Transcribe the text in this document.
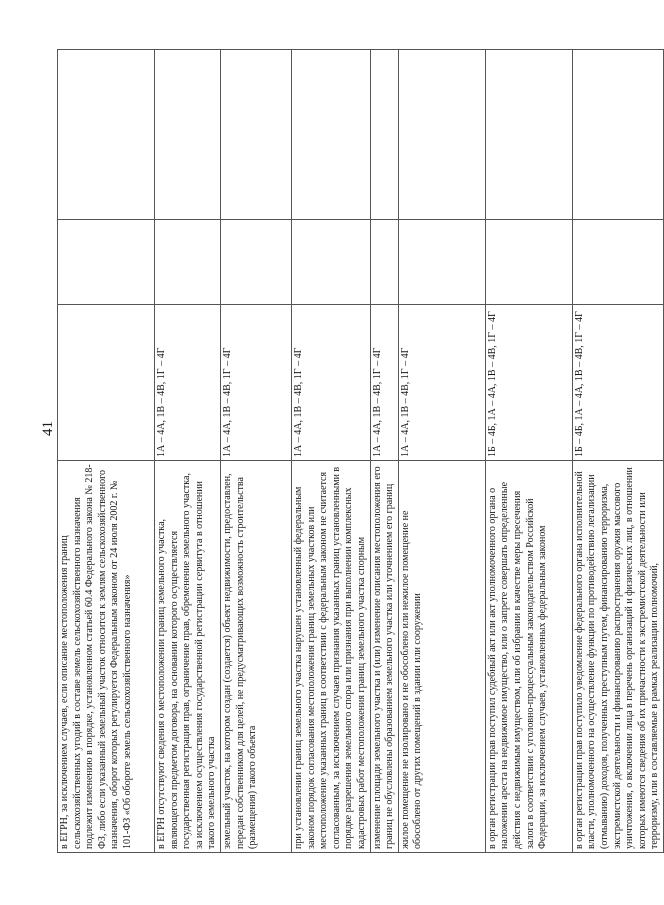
41
в ЕГРН, за исключением случаев, если описание местоположения границ сельскохозяйственных угодий в составе земель сельскохозяйственного назначения подлежит изменению в порядке, установленном статьей 60.4 Федерального закона № 218-ФЗ, либо если указанный земельный участок относится к землям сельскохозяйственного назначения, оборот которых регулируется Федеральным законом от 24 июля 2002 г. № 101-ФЗ «Об обороте земель сельскохозяйственного назначения»			
в ЕГРН отсутствуют сведения о местоположении границ земельного участка, являющегося предметом договора, на основании которого осуществляется государственная регистрация прав, ограничение прав, обременение земельного участка, за исключением осуществления государственной регистрации сервитута в отношении такого земельного участка	1А – 4А, 1В – 4В, 1Г – 4Г		
земельный участок, на котором создан (создается) объект недвижимости, предоставлен, передан собственником для целей, не предусматривающих возможность строительства (размещения) такого объекта	1А – 4А, 1В – 4В, 1Г – 4Г		
при установлении границ земельного участка нарушен установленный федеральным законом порядок согласования местоположения границ земельных участков или местоположение указанных границ в соответствии с федеральным законом не считается согласованным, за исключением случаев признания указанных границ установленными в порядке разрешения земельного спора или признания при выполнении комплексных кадастровых работ местоположения границ земельного участка спорным	1А – 4А, 1В – 4В, 1Г – 4Г		
изменение площади земельного участка и (или) изменение описания местоположения его границ не обусловлены образованием земельного участка или уточнением его границ	1А – 4А, 1В – 4В, 1Г – 4Г		
жилое помещение не изолировано и не обособлено или нежилое помещение не обособлено от других помещений в здании или сооружении	1А – 4А, 1В – 4В, 1Г – 4Г		
в орган регистрации прав поступил судебный акт или акт уполномоченного органа о наложении ареста на недвижимое имущество, или о запрете совершать определенные действия с недвижимым имуществом, или об избрании в качестве меры пресечения залога в соответствии с уголовно-процессуальным законодательством Российской Федерации, за исключением случаев, установленных федеральным законом	1Б – 4Б, 1А – 4А, 1В – 4В, 1Г – 4Г		
в орган регистрации прав поступило уведомление федерального органа исполнительной власти, уполномоченного на осуществление функции по противодействию легализации (отмыванию) доходов, полученных преступным путем, финансированию терроризма, экстремистской деятельности и финансированию распространения оружия массового уничтожения, о включении лица в перечень организаций и физических лиц, в отношении которых имеются сведения об их причастности к экстремистской деятельности или терроризму, или в составляемые в рамках реализации полномочий,	1Б – 4Б, 1А – 4А, 1В – 4В, 1Г – 4Г		
